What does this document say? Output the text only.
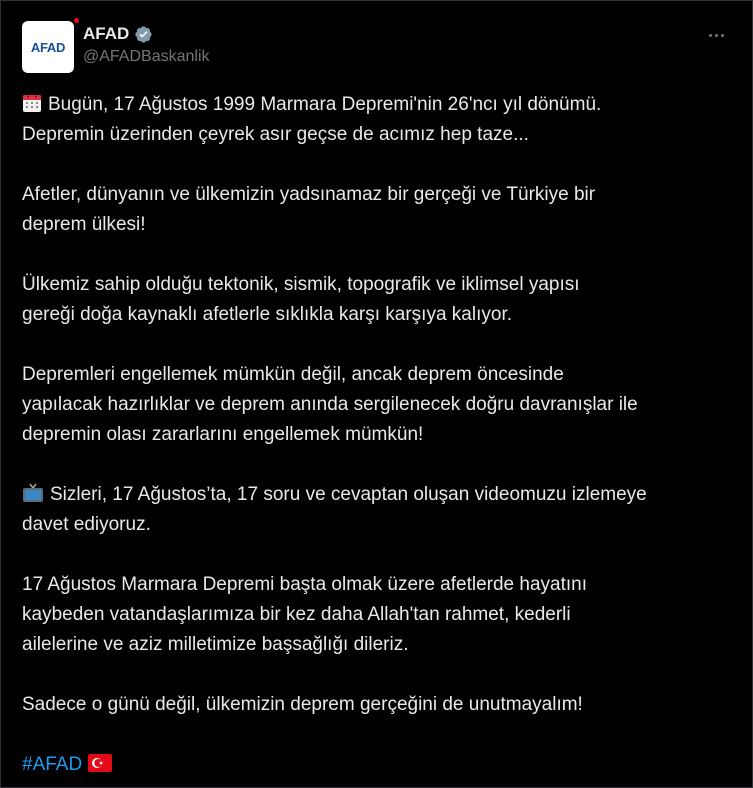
AFAD
AFAD
@AFADBaskanlik

Bugün, 17 Ağustos 1999 Marmara Depremi'nin 26'ncı yıl dönümü.
Depremin üzerinden çeyrek asır geçse de acımız hep taze...

Afetler, dünyanın ve ülkemizin yadsınamaz bir gerçeği ve Türkiye bir
deprem ülkesi!

Ülkemiz sahip olduğu tektonik, sismik, topografik ve iklimsel yapısı
gereği doğa kaynaklı afetlerle sıklıkla karşı karşıya kalıyor.

Depremleri engellemek mümkün değil, ancak deprem öncesinde
yapılacak hazırlıklar ve deprem anında sergilenecek doğru davranışlar ile
depremin olası zararlarını engellemek mümkün!

Sizleri, 17 Ağustos’ta, 17 soru ve cevaptan oluşan videomuzu izlemeye
davet ediyoruz.

17 Ağustos Marmara Depremi başta olmak üzere afetlerde hayatını
kaybeden vatandaşlarımıza bir kez daha Allah'tan rahmet, kederli
ailelerine ve aziz milletimize başsağlığı dileriz.

Sadece o günü değil, ülkemizin deprem gerçeğini de unutmayalım!

#AFAD
